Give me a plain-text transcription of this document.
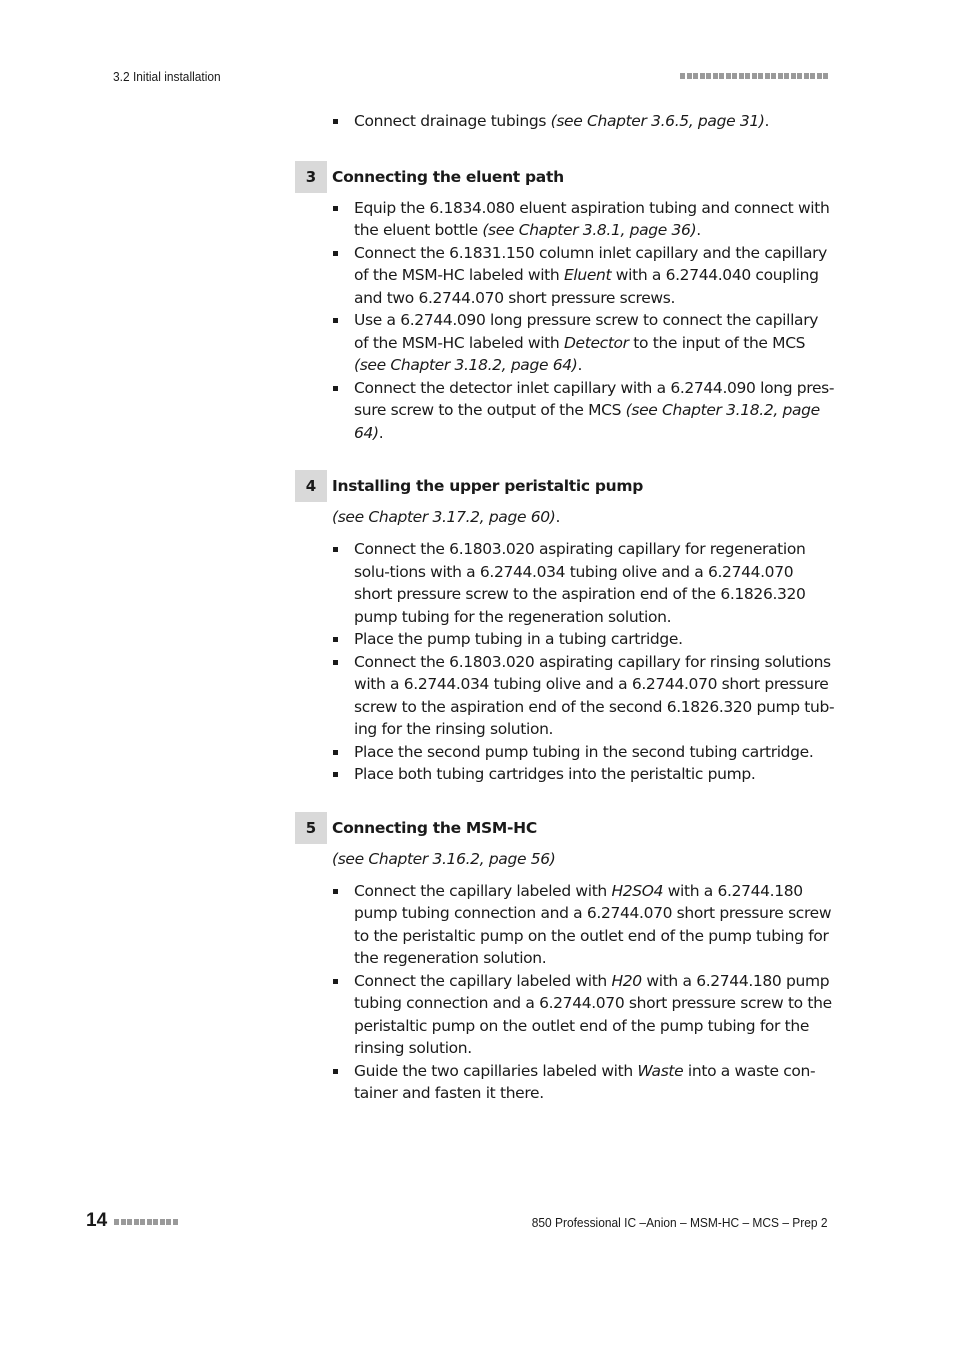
3.2 Initial installation
Connect drainage tubings (see Chapter 3.6.5, page 31).
3	Connecting the eluent path
Equip the 6.1834.080 eluent aspiration tubing and connect with the eluent bottle (see Chapter 3.8.1, page 36).
Connect the 6.1831.150 column inlet capillary and the capillary of the MSM-HC labeled with Eluent with a 6.2744.040 coupling and two 6.2744.070 short pressure screws.
Use a 6.2744.090 long pressure screw to connect the capillary of the MSM-HC labeled with Detector to the input of the MCS (see Chapter 3.18.2, page 64).
Connect the detector inlet capillary with a 6.2744.090 long pres-sure screw to the output of the MCS (see Chapter 3.18.2, page 64).
4	Installing the upper peristaltic pump
(see Chapter 3.17.2, page 60).
Connect the 6.1803.020 aspirating capillary for regeneration solu-tions with a 6.2744.034 tubing olive and a 6.2744.070 short pressure screw to the aspiration end of the 6.1826.320 pump tubing for the regeneration solution.
Place the pump tubing in a tubing cartridge.
Connect the 6.1803.020 aspirating capillary for rinsing solutions with a 6.2744.034 tubing olive and a 6.2744.070 short pressure screw to the aspiration end of the second 6.1826.320 pump tub-ing for the rinsing solution.
Place the second pump tubing in the second tubing cartridge.
Place both tubing cartridges into the peristaltic pump.
5	Connecting the MSM-HC
(see Chapter 3.16.2, page 56)
Connect the capillary labeled with H2SO4 with a 6.2744.180 pump tubing connection and a 6.2744.070 short pressure screw to the peristaltic pump on the outlet end of the pump tubing for the regeneration solution.
Connect the capillary labeled with H20 with a 6.2744.180 pump tubing connection and a 6.2744.070 short pressure screw to the peristaltic pump on the outlet end of the pump tubing for the rinsing solution.
Guide the two capillaries labeled with Waste into a waste con-tainer and fasten it there.
14	850 Professional IC –Anion – MSM-HC – MCS – Prep 2
